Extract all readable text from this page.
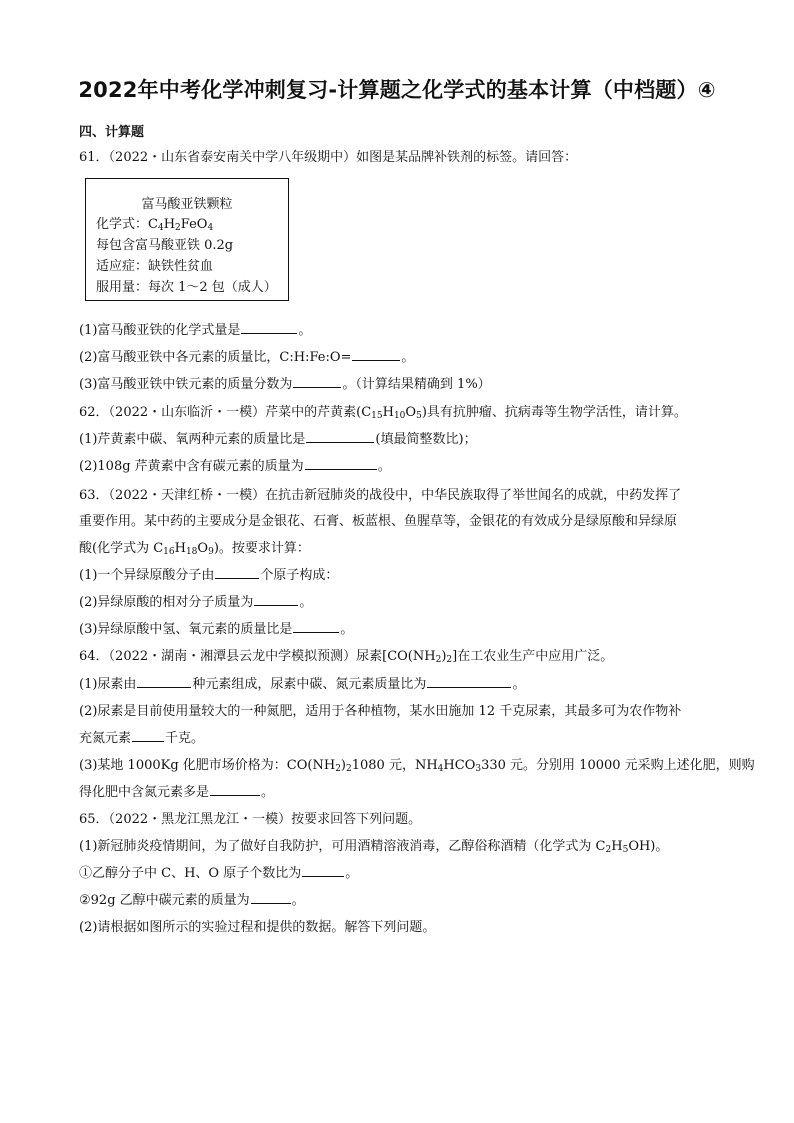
2022年中考化学冲刺复习-计算题之化学式的基本计算（中档题）④
四、计算题
61．（2022・山东省泰安南关中学八年级期中）如图是某品牌补铁剂的标签。请回答：
富马酸亚铁颗粒
化学式：$C_4H_2FeO_4$
每包含富马酸亚铁 0.2g
适应症：缺铁性贫血
服用量：每次 1～2 包（成人）
(1)富马酸亚铁的化学式量是	。
(2)富马酸亚铁中各元素的质量比，C:H:Fe:O=	。
(3)富马酸亚铁中铁元素的质量分数为	。（计算结果精确到 1%）
62．（2022・山东临沂・一模）芹菜中的芹黄素$(C_{15}H_{10}O_5)$具有抗肿瘤、抗病毒等生物学活性，请计算。
(1)芹黄素中碳、氧两种元素的质量比是	(填最简整数比)；
(2)108g 芹黄素中含有碳元素的质量为	。
63．（2022・天津红桥・一模）在抗击新冠肺炎的战役中，中华民族取得了举世闻名的成就，中药发挥了
重要作用。某中药的主要成分是金银花、石膏、板蓝根、鱼腥草等，金银花的有效成分是绿原酸和异绿原
酸(化学式为 $C_{16}H_{18}O_9$)。按要求计算：
(1)一个异绿原酸分子由	个原子构成：
(2)异绿原酸的相对分子质量为	。
(3)异绿原酸中氢、氧元素的质量比是	。
64．（2022・湖南・湘潭县云龙中学模拟预测）尿素$[CO(NH_2)_2]$在工农业生产中应用广泛。
(1)尿素由	种元素组成，尿素中碳、氮元素质量比为	。
(2)尿素是目前使用量较大的一种氮肥，适用于各种植物，某水田施加 12 千克尿素，其最多可为农作物补
充氮元素	千克。
(3)某地 1000Kg 化肥市场价格为：$CO(NH_2)_21080$ 元，$NH_4HCO_3330$ 元。分别用 10000 元采购上述化肥，则购
得化肥中含氮元素多是	。
65．（2022・黑龙江黑龙江・一模）按要求回答下列问题。
(1)新冠肺炎疫情期间，为了做好自我防护，可用酒精溶液消毒，乙醇俗称酒精（化学式为 $C_2H_5OH$)。
①乙醇分子中 C、H、O 原子个数比为	。
②92g 乙醇中碳元素的质量为	。
(2)请根据如图所示的实验过程和提供的数据。解答下列问题。
